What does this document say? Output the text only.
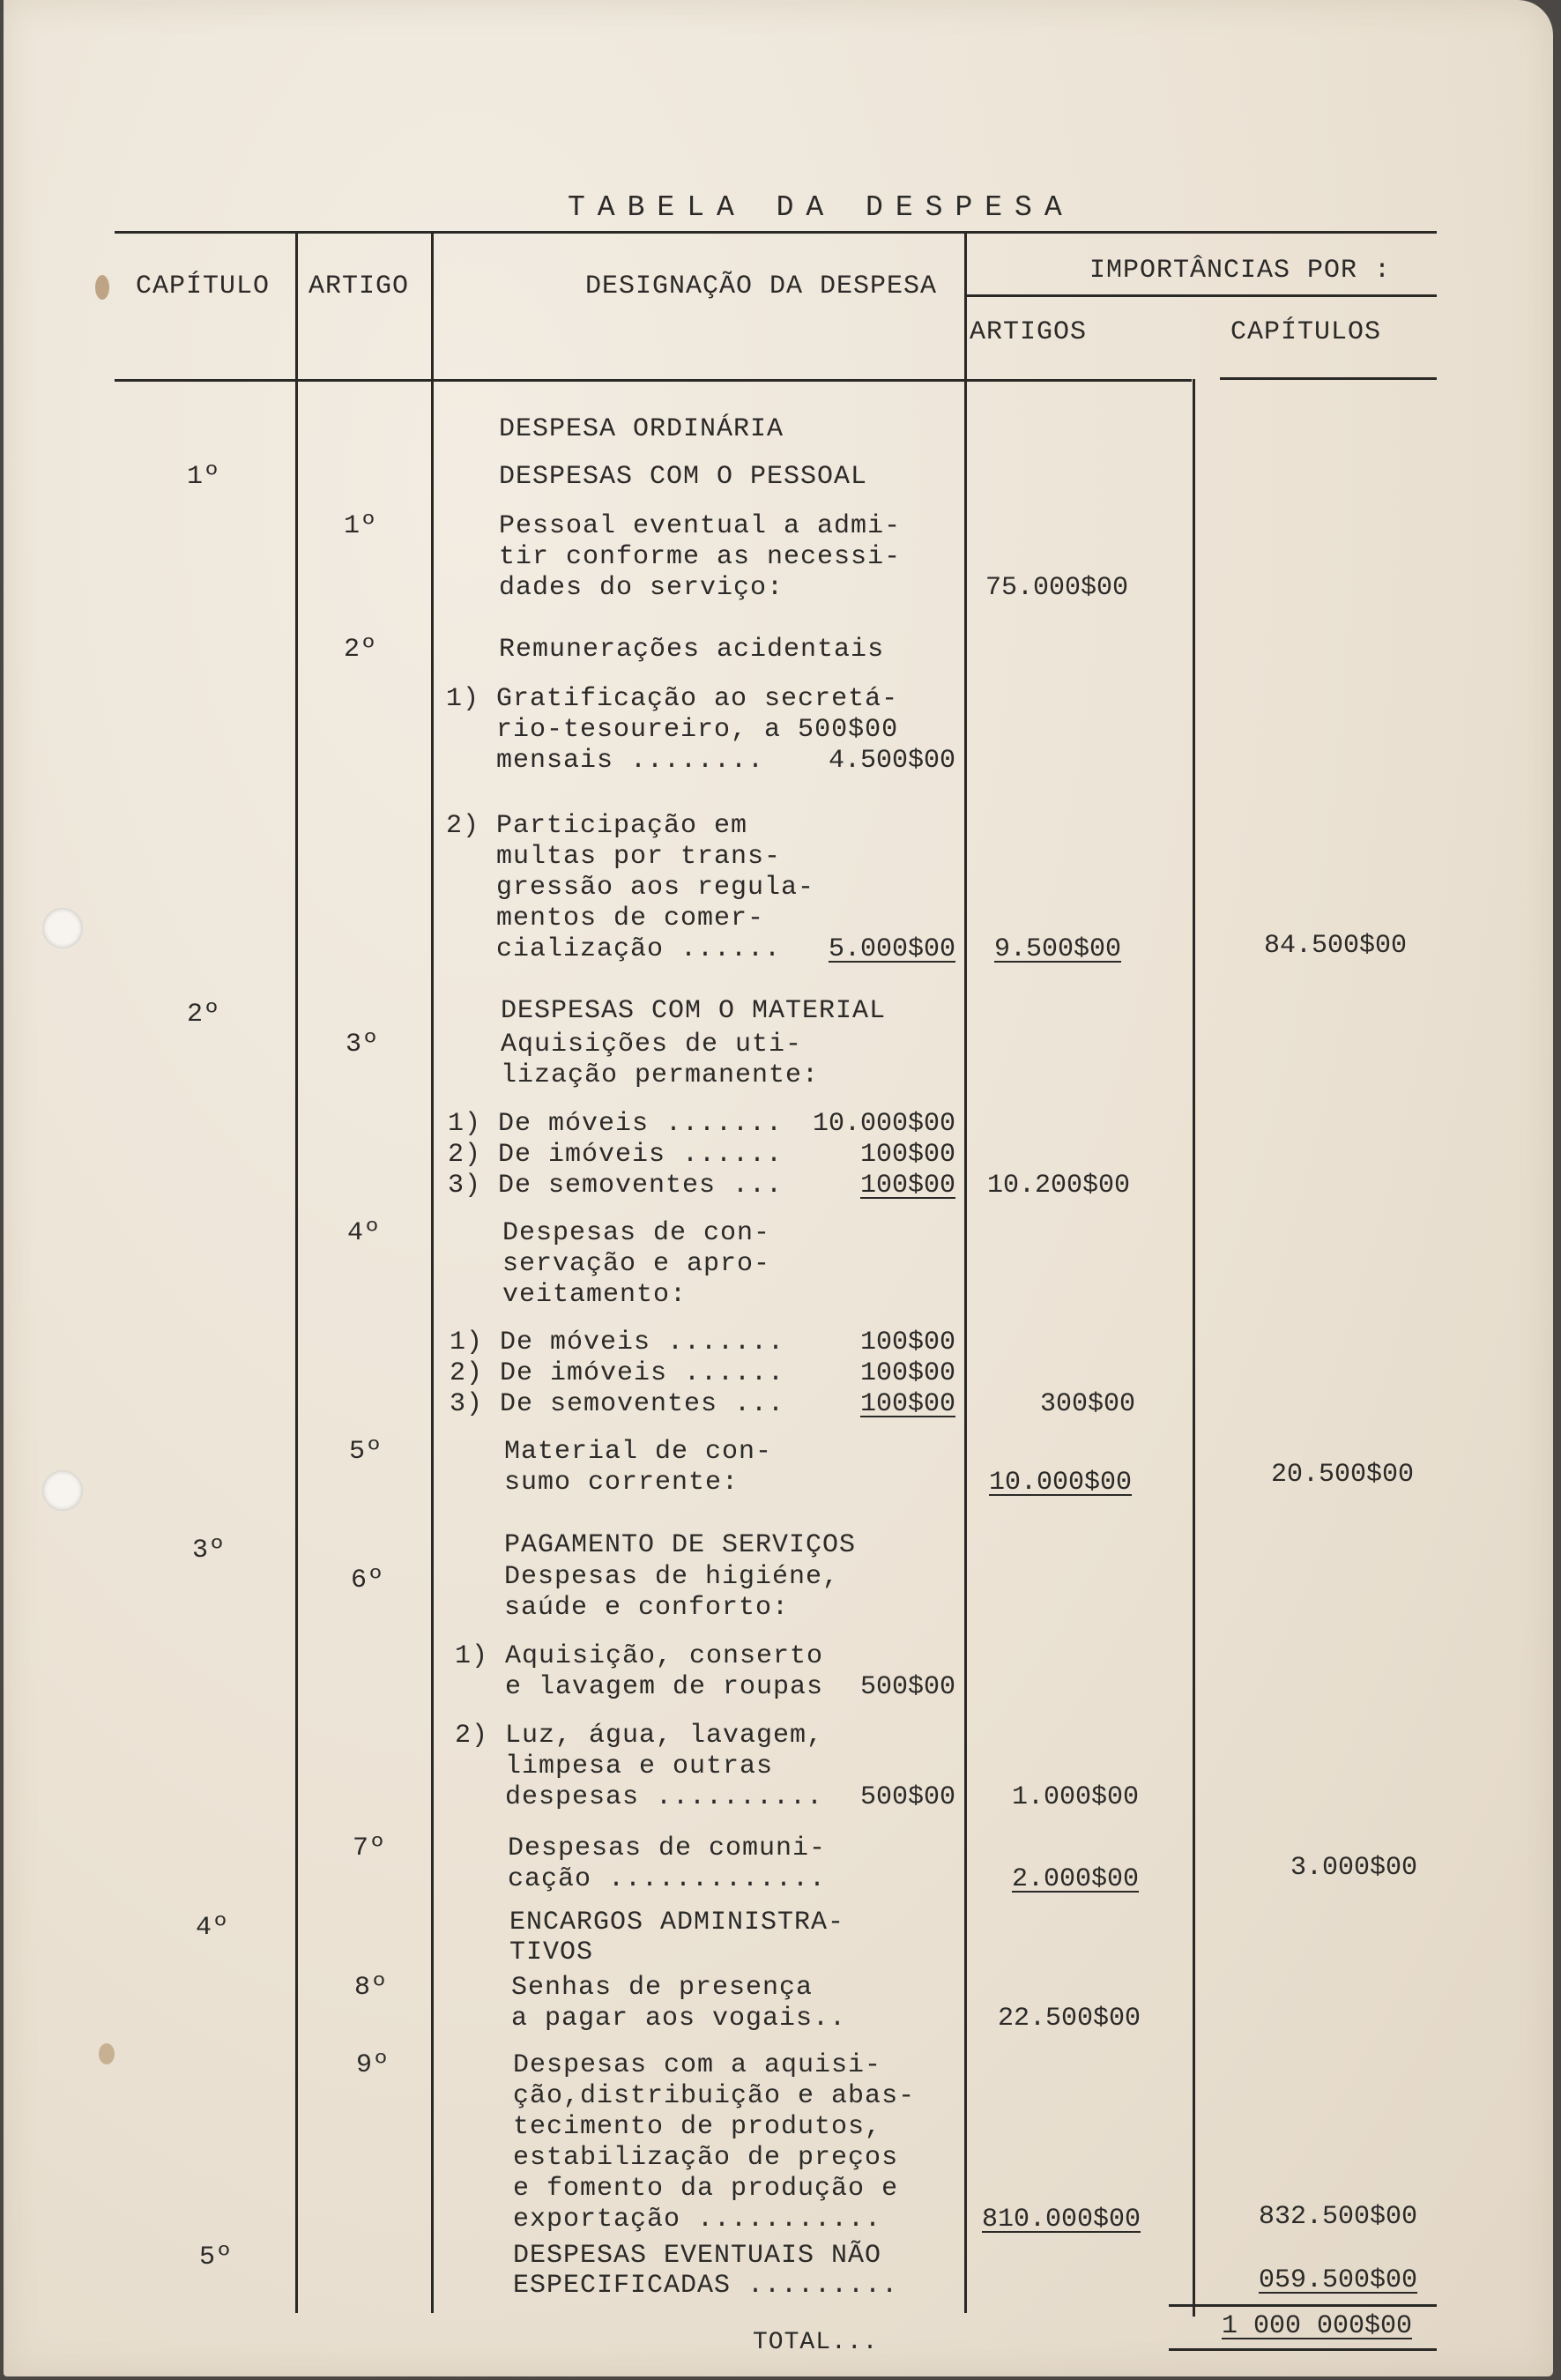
TABELA DA DESPESA
CAPÍTULO ARTIGO	DESIGNAÇÃO DA DESPESA
IMPORTÂNCIAS POR :
ARTIGOS	CAPÍTULOS
1º
2º
3º
4º
5º
1º
2º
3º
4º
5º
6º
7º
8º
9º
DESPESA ORDINÁRIA
DESPESAS COM O PESSOAL
DESPESAS COM O MATERIAL
PAGAMENTO DE SERVIÇOS
ENCARGOS ADMINISTRA-
TIVOS
DESPESAS EVENTUAIS NÃO
ESPECIFICADAS .........
Pessoal eventual a admi-
tir conforme as necessi-
dades do serviço:
Remunerações acidentais
1) Gratificação ao secretá-
rio-tesoureiro, a 500$00
mensais ........
2) Participação em
multas por trans-
gressão aos regula-
mentos de comer-
cialização ......
Aquisições de uti-
lização permanente:
1) De móveis .......
2) De imóveis ......
3) De semoventes ...
Despesas de con-
servação e apro-
veitamento:
1) De móveis .......
2) De imóveis ......
3) De semoventes ...
Material de con-
sumo corrente:
Despesas de higiéne,
saúde e conforto:
1) Aquisição, conserto
e lavagem de roupas
2) Luz, água, lavagem,
limpesa e outras
despesas ..........
Despesas de comuni-
cação .............
Senhas de presença
a pagar aos vogais..
Despesas com a aquisi-
ção,distribuição e abas-
tecimento de produtos,
estabilização de preços
e fomento da produção e
exportação ...........
4.500$00
5.000$00
10.000$00
100$00
100$00
100$00
100$00
100$00
500$00
500$00
75.000$00
9.500$00
10.200$00
300$00
10.000$00
1.000$00
2.000$00
22.500$00
810.000$00
84.500$00
20.500$00
3.000$00
832.500$00
059.500$00
TOTAL...
1 000 000$00
